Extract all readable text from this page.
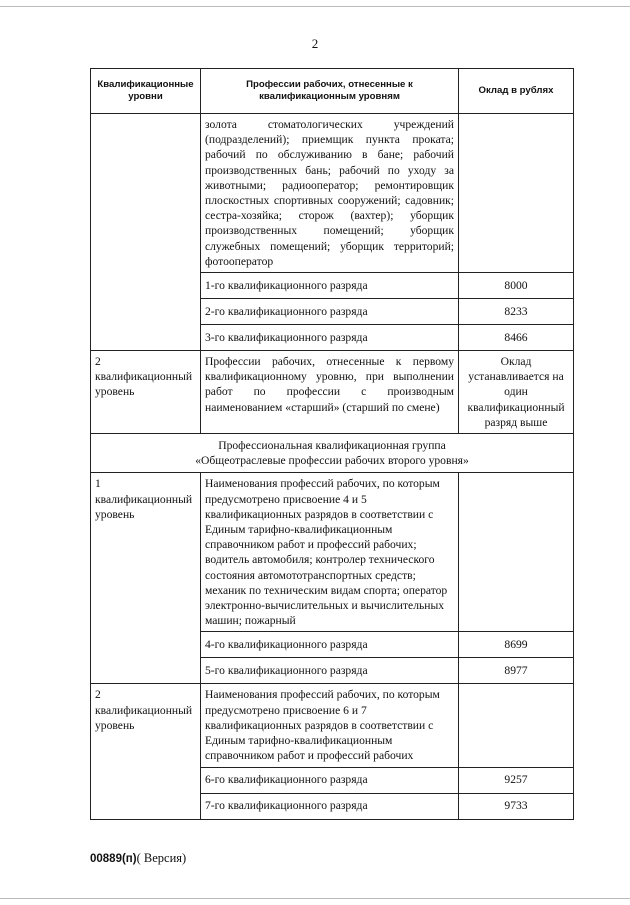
2
Квалификационные уровни	Профессии рабочих, отнесенные к квалификационным уровням	Оклад в рублях
	золота стоматологических учреждений (подразделений); приемщик пункта проката; рабочий по обслуживанию в бане; рабочий производственных бань; рабочий по уходу за животными; радиооператор; ремонтировщик плоскостных спортивных сооружений; садовник; сестра-хозяйка; сторож (вахтер); уборщик производственных помещений; уборщик служебных помещений; уборщик территорий; фотооператор	
	1-го квалификационного разряда	8000
	2-го квалификационного разряда	8233
	3-го квалификационного разряда	8466
2 квалификационный уровень	Профессии рабочих, отнесенные к первому квалификационному уровню, при выполнении работ по профессии с производным наименованием «старший» (старший по смене)	Оклад устанавливается на один квалификационный разряд выше

Профессиональная квалификационная группа
«Общеотраслевые профессии рабочих второго уровня»		

1 квалификационный уровень	Наименования профессий рабочих, по которым предусмотрено присвоение 4 и 5 квалификационных разрядов в соответствии с Единым тарифно-квалификационным справочником работ и профессий рабочих; водитель автомобиля; контролер технического состояния автомототранспортных средств; механик по техническим видам спорта; оператор электронно-вычислительных и вычислительных машин; пожарный	
	4-го квалификационного разряда	8699
	5-го квалификационного разряда	8977
2 квалификационный уровень	Наименования профессий рабочих, по которым предусмотрено присвоение 6 и 7 квалификационных разрядов в соответствии с Единым тарифно-квалификационным справочником работ и профессий рабочих	
	6-го квалификационного разряда	9257
	7-го квалификационного разряда	9733
00889(п)( Версия)
